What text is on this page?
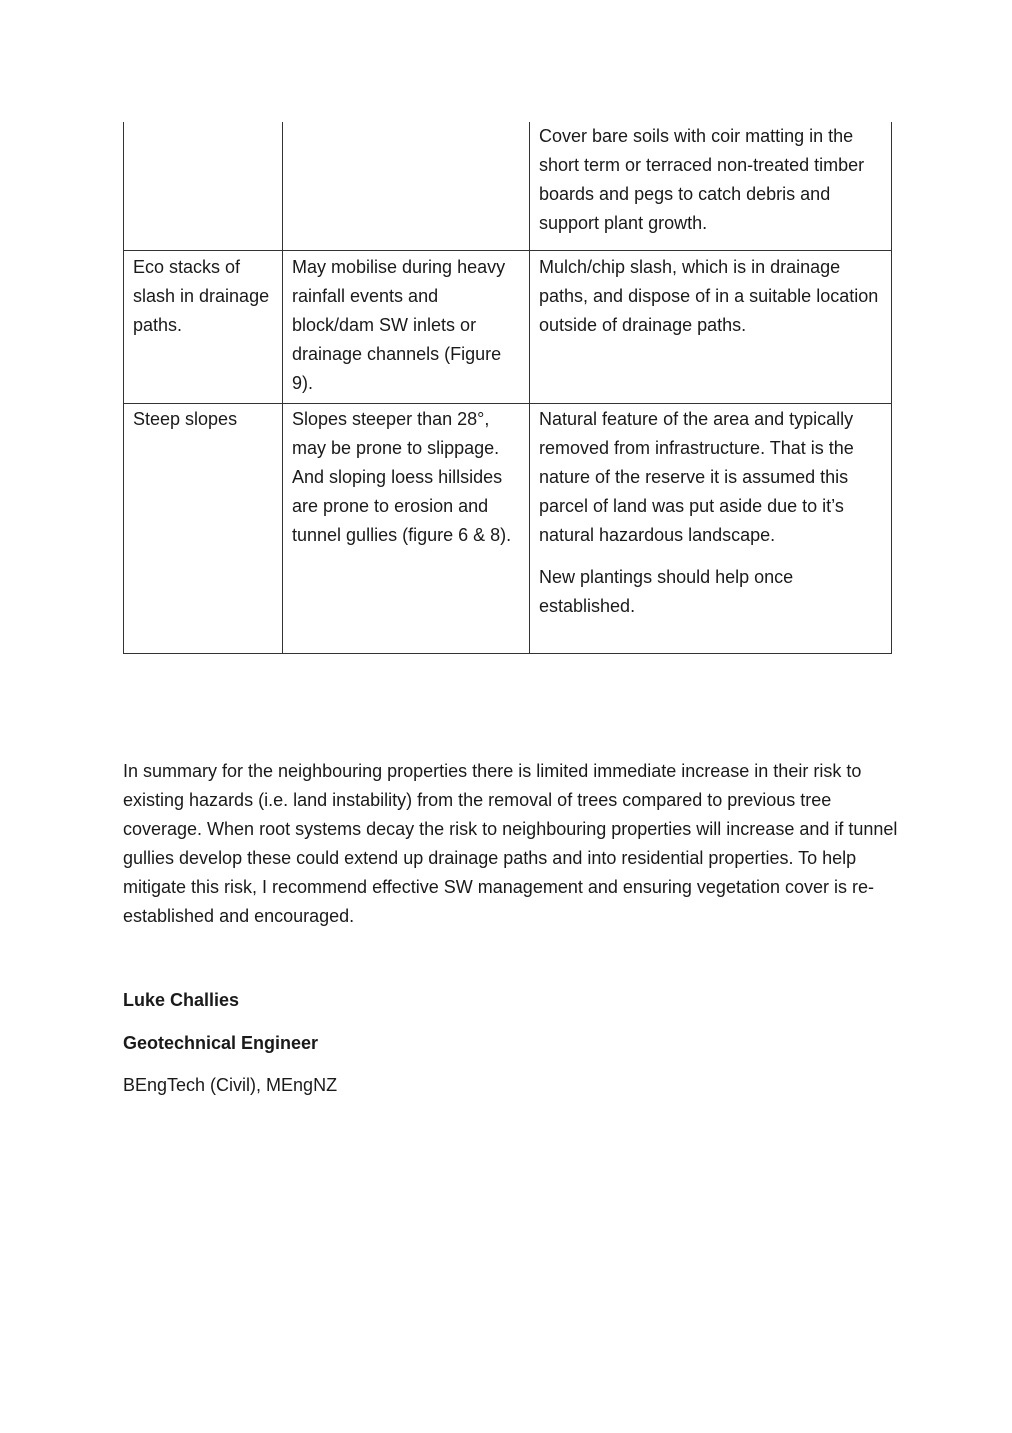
		Cover bare soils with coir matting in the short term or terraced non-treated timber boards and pegs to catch debris and support plant growth.

Eco stacks of slash in drainage paths.	May mobilise during heavy rainfall events and block/dam SW inlets or drainage channels (Figure 9).	Mulch/chip slash, which is in drainage paths, and dispose of in a suitable location outside of drainage paths.

Steep slopes	Slopes steeper than 28°, may be prone to slippage. And sloping loess hillsides are prone to erosion and tunnel gullies (figure 6 & 8).	Natural feature of the area and typically removed from infrastructure. That is the nature of the reserve it is assumed this parcel of land was put aside due to it’s natural hazardous landscape.

New plantings should help once established.

In summary for the neighbouring properties there is limited immediate increase in their risk to existing hazards (i.e. land instability) from the removal of trees compared to previous tree coverage. When root systems decay the risk to neighbouring properties will increase and if tunnel gullies develop these could extend up drainage paths and into residential properties. To help mitigate this risk, I recommend effective SW management and ensuring vegetation cover is re-established and encouraged.

Luke Challies

Geotechnical Engineer

BEngTech (Civil), MEngNZ
